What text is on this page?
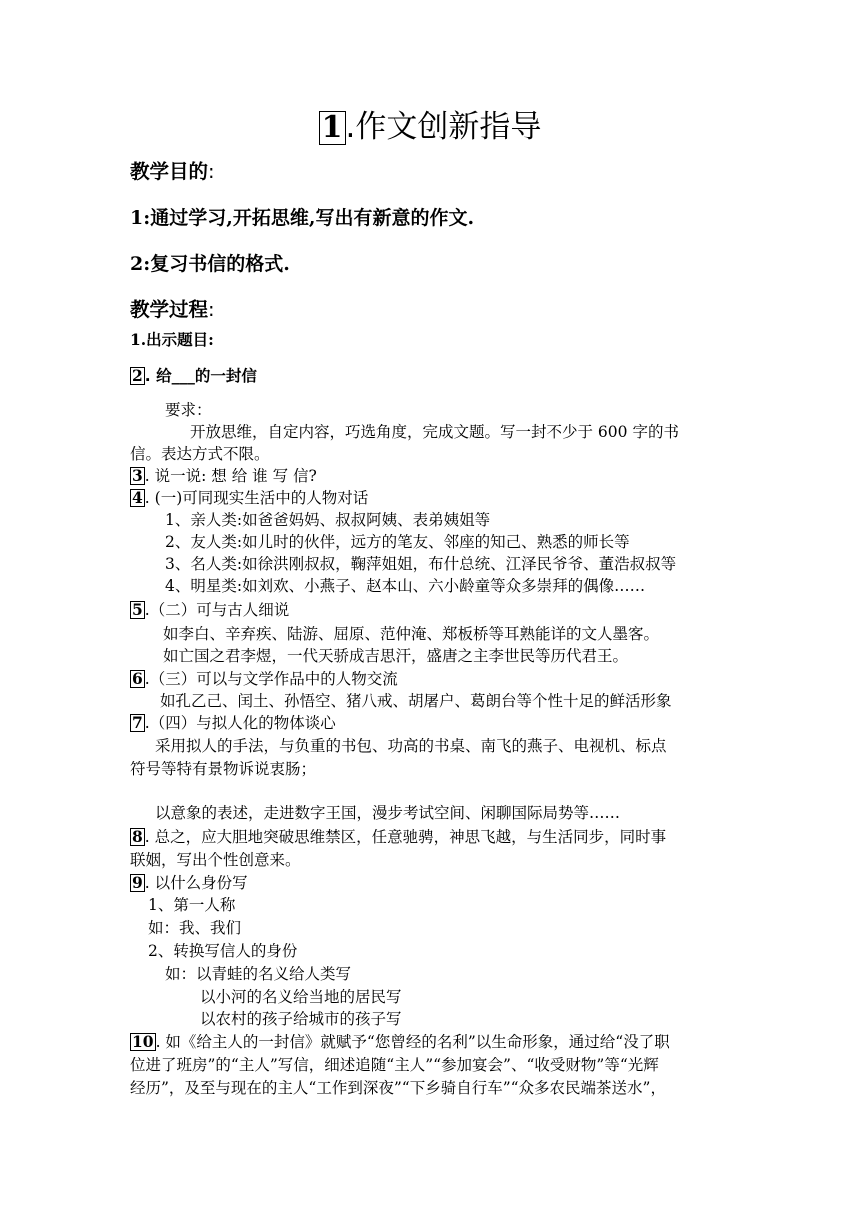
1.作文创新指导
教学目的:
1:通过学习,开拓思维,写出有新意的作文.
2:复习书信的格式.
教学过程:
1.出示题目:
2 . 给___的一封信
要求：
开放思维，自定内容，巧选角度，完成文题。写一封不少于 600 字的书
信。表达方式不限。
3 . 说一说: 想 给 谁 写 信?
4 . (一)可同现实生活中的人物对话
1、亲人类:如爸爸妈妈、叔叔阿姨、表弟姨姐等
2、友人类:如儿时的伙伴，远方的笔友、邻座的知己、熟悉的师长等
3、名人类:如徐洪刚叔叔，鞠萍姐姐，布什总统、江泽民爷爷、董浩叔叔等
4、明星类:如刘欢、小燕子、赵本山、六小龄童等众多崇拜的偶像……
5 .（二）可与古人细说
如李白、辛弃疾、陆游、屈原、范仲淹、郑板桥等耳熟能详的文人墨客。
如亡国之君李煜，一代天骄成吉思汗，盛唐之主李世民等历代君王。
6 .（三）可以与文学作品中的人物交流
如孔乙己、闰土、孙悟空、猪八戒、胡屠户、葛朗台等个性十足的鲜活形象
7 .（四）与拟人化的物体谈心
采用拟人的手法，与负重的书包、功高的书桌、南飞的燕子、电视机、标点
符号等特有景物诉说衷肠；
以意象的表述，走进数字王国，漫步考试空间、闲聊国际局势等……
8 . 总之，应大胆地突破思维禁区，任意驰骋，神思飞越，与生活同步，同时事
联姻，写出个性创意来。
9 . 以什么身份写
1、第一人称
如：我、我们
2、转换写信人的身份
如：以青蛙的名义给人类写
以小河的名义给当地的居民写
以农村的孩子给城市的孩子写
10 . 如《给主人的一封信》就赋予“您曾经的名利”以生命形象，通过给“没了职
位进了班房”的“主人”写信，细述追随“主人”“参加宴会”、“收受财物”等“光辉
经历”，及至与现在的主人“工作到深夜”“下乡骑自行车”“众多农民端茶送水”，
